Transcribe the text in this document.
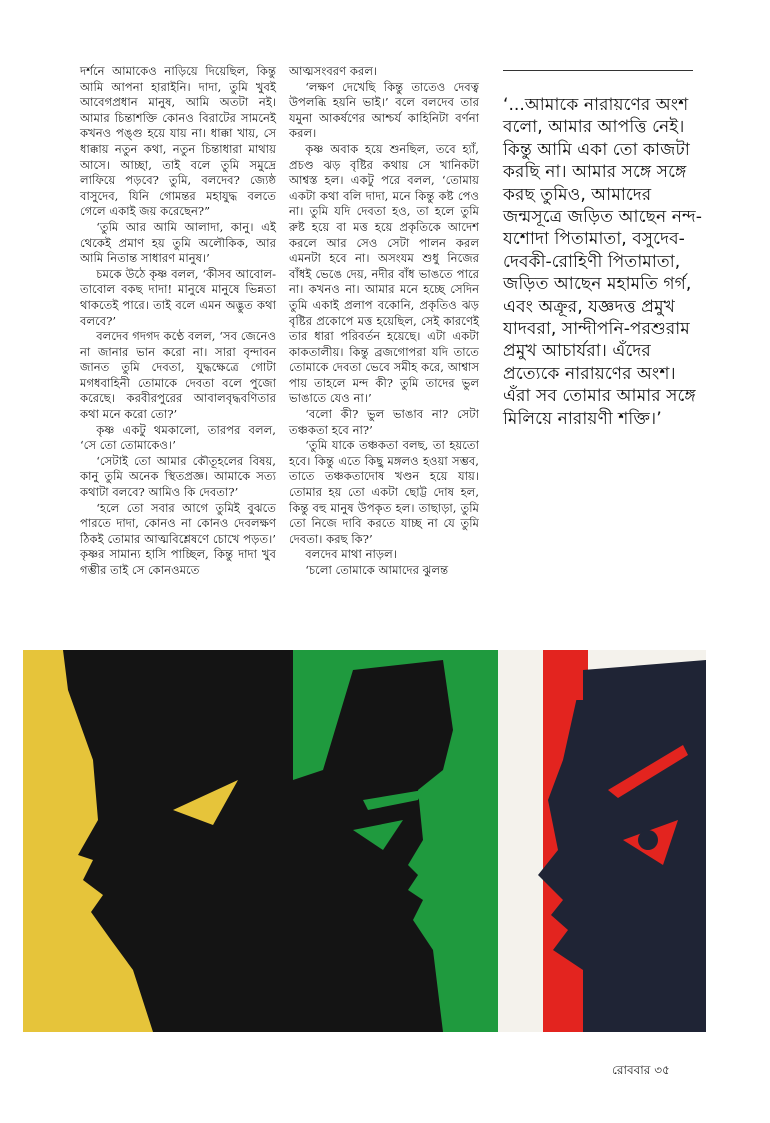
দর্শনে আমাকেও নাড়িয়ে দিয়েছিল, কিন্তু আমি আপনা হারাইনি। দাদা, তুমি খুবই আবেগপ্রধান মানুষ, আমি অতটা নই। আমার চিন্তাশক্তি কোনও বিরাটের সামনেই কখনও পঙ্গু হয়ে যায় না। ধাক্কা খায়, সে ধাক্কায় নতুন কথা, নতুন চিন্তাধারা মাথায় আসে। আচ্ছা, তাই বলে তুমি সমুদ্রে লাফিয়ে পড়বে? তুমি, বলদেব? জ্যেষ্ঠ বাসুদেব, যিনি গোমন্তর মহাযুদ্ধ বলতে গেলে একাই জয় করেছেন?”

‘তুমি আর আমি আলাদা, কানু। এই থেকেই প্রমাণ হয় তুমি অলৌকিক, আর আমি নিতান্ত সাধারণ মানুষ।’

চমকে উঠে কৃষ্ণ বলল, ‘কীসব আবোল-তাবোল বকছ দাদা! মানুষে মানুষে ভিন্নতা থাকতেই পারে। তাই বলে এমন অদ্ভুত কথা বলবে?’

বলদেব গদগদ কণ্ঠে বলল, ‘সব জেনেও না জানার ভান করো না। সারা বৃন্দাবন জানত তুমি দেবতা, যুদ্ধক্ষেত্রে গোটা মগধবাহিনী তোমাকে দেবতা বলে পুজো করেছে। করবীরপুরের আবালবৃদ্ধবণিতার কথা মনে করো তো?’

কৃষ্ণ একটু থমকালো, তারপর বলল, ‘সে তো তোমাকেও।’

‘সেটাই তো আমার কৌতূহলের বিষয়, কানু তুমি অনেক স্থিতপ্রজ্ঞ। আমাকে সত্য কথাটা বলবে? আমিও কি দেবতা?’

‘হলে তো সবার আগে তুমিই বুঝতে পারতে দাদা, কোনও না কোনও দেবলক্ষণ ঠিকই তোমার আত্মবিশ্লেষণে চোখে পড়ত।’ কৃষ্ণর সামান্য হাসি পাচ্ছিল, কিন্তু দাদা খুব গম্ভীর তাই সে কোনওমতে

আত্মসংবরণ করল।

‘লক্ষণ দেখেছি কিন্তু তাতেও দেবত্ব উপলব্ধি হয়নি ভাই।’ বলে বলদেব তার যমুনা আকর্ষণের আশ্চর্য কাহিনিটা বর্ণনা করল।

কৃষ্ণ অবাক হয়ে শুনছিল, তবে হ্যাঁ, প্রচণ্ড ঝড় বৃষ্টির কথায় সে খানিকটা আশ্বস্ত হল। একটু পরে বলল, ‘তোমায় একটা কথা বলি দাদা, মনে কিন্তু কষ্ট পেও না। তুমি যদি দেবতা হও, তা হলে তুমি রুষ্ট হয়ে বা মত্ত হয়ে প্রকৃতিকে আদেশ করলে আর সেও সেটা পালন করল এমনটা হবে না। অসংযম শুধু নিজের বাঁধই ভেঙে দেয়, নদীর বাঁধ ভাঙতে পারে না। কখনও না। আমার মনে হচ্ছে সেদিন তুমি একাই প্রলাপ বকোনি, প্রকৃতিও ঝড় বৃষ্টির প্রকোপে মত্ত হয়েছিল, সেই কারণেই তার ধারা পরিবর্তন হয়েছে। এটা একটা কাকতালীয়। কিন্তু ব্রজগোপরা যদি তাতে তোমাকে দেবতা ভেবে সমীহ করে, আশ্বাস পায় তাহলে মন্দ কী? তুমি তাদের ভুল ভাঙাতে যেও না।’

‘বলো কী? ভুল ভাঙাব না? সেটা তঞ্চকতা হবে না?’

‘তুমি যাকে তঞ্চকতা বলছ, তা হয়তো হবে। কিন্তু এতে কিছু মঙ্গলও হওয়া সম্ভব, তাতে তঞ্চকতাদোষ খণ্ডন হয়ে যায়। তোমার হয় তো একটা ছোট্ট দোষ হল, কিন্তু বহু মানুষ উপকৃত হল। তাছাড়া, তুমি তো নিজে দাবি করতে যাচ্ছ না যে তুমি দেবতা। করছ কি?’

বলদেব মাথা নাড়ল।

‘চলো তোমাকে আমাদের ঝুলন্ত

‘...আমাকে নারায়ণের অংশ বলো, আমার আপত্তি নেই। কিন্তু আমি একা তো কাজটা করছি না। আমার সঙ্গে সঙ্গে করছ তুমিও, আমাদের জন্মসূত্রে জড়িত আছেন নন্দ-যশোদা পিতামাতা, বসুদেব-দেবকী-রোহিণী পিতামাতা, জড়িত আছেন মহামতি গর্গ, এবং অক্রূর, যজ্ঞদত্ত প্রমুখ যাদবরা, সান্দীপনি-পরশুরাম প্রমুখ আচার্যরা। এঁদের প্রত্যেকে নারায়ণের অংশ। এঁরা সব তোমার আমার সঙ্গে মিলিয়ে নারায়ণী শক্তি।’
রোববার ৩৫
